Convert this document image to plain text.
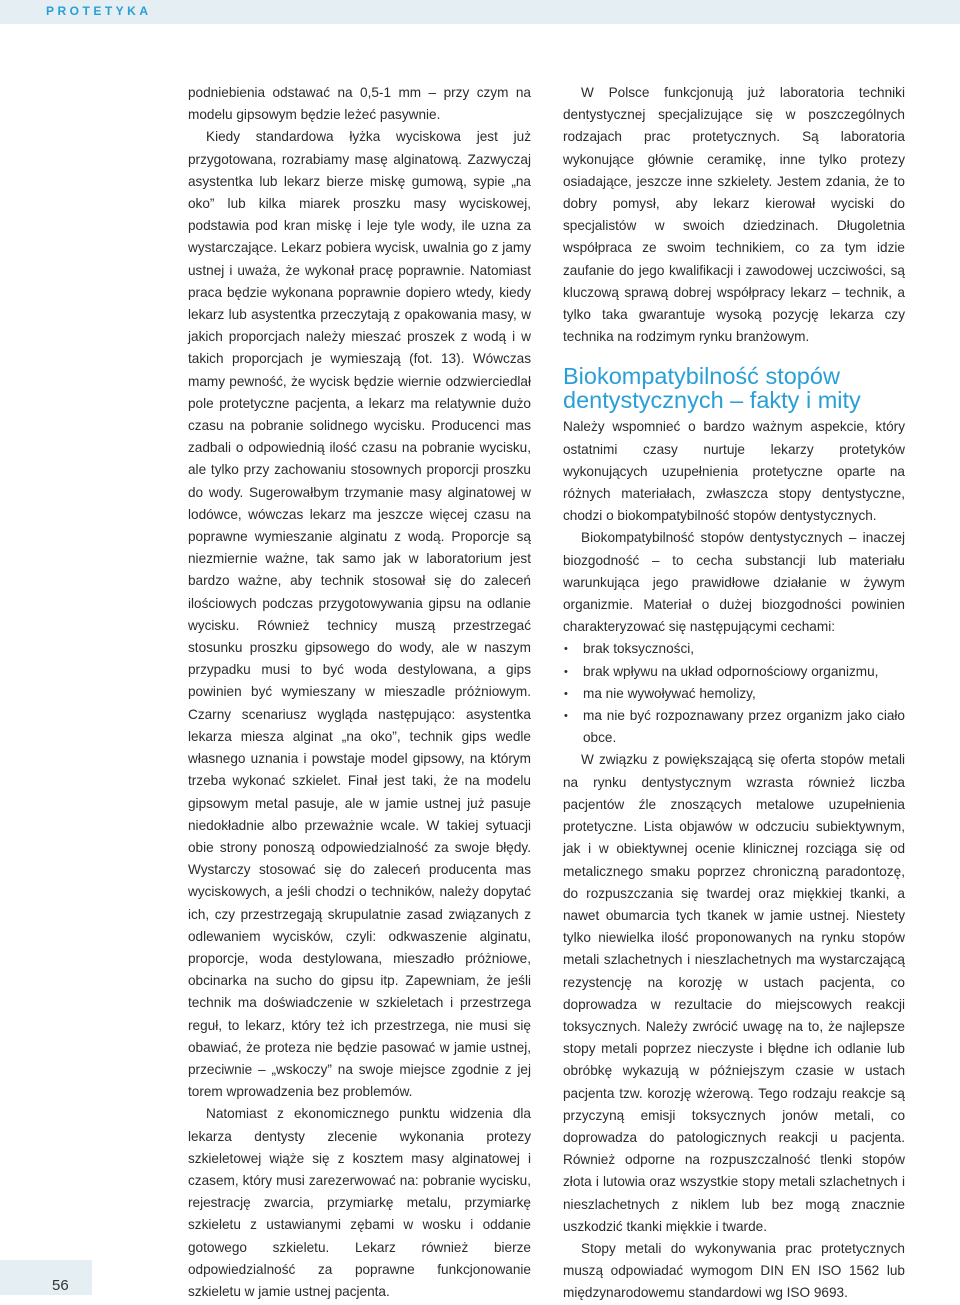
PROTETYKA

podniebienia odstawać na 0,5-1 mm – przy czym na modelu gipsowym będzie leżeć pasywnie.

Kiedy standardowa łyżka wyciskowa jest już przygotowana, rozrabiamy masę alginatową. Zazwyczaj asystentka lub lekarz bierze miskę gumową, sypie „na oko” lub kilka miarek proszku masy wyciskowej, podstawia pod kran miskę i leje tyle wody, ile uzna za wystarczające. Lekarz pobiera wycisk, uwalnia go z jamy ustnej i uważa, że wykonał pracę poprawnie. Natomiast praca będzie wykonana poprawnie dopiero wtedy, kiedy lekarz lub asystentka przeczytają z opakowania masy, w jakich proporcjach należy mieszać proszek z wodą i w takich proporcjach je wymieszają (fot. 13). Wówczas mamy pewność, że wycisk będzie wiernie odzwierciedlał pole protetyczne pacjenta, a lekarz ma relatywnie dużo czasu na pobranie solidnego wycisku. Producenci mas zadbali o odpowiednią ilość czasu na pobranie wycisku, ale tylko przy zachowaniu stosownych proporcji proszku do wody. Sugerowałbym trzymanie masy alginatowej w lodówce, wówczas lekarz ma jeszcze więcej czasu na poprawne wymieszanie alginatu z wodą. Proporcje są niezmiernie ważne, tak samo jak w laboratorium jest bardzo ważne, aby technik stosował się do zaleceń ilościowych podczas przygotowywania gipsu na odlanie wycisku. Również technicy muszą przestrzegać stosunku proszku gipsowego do wody, ale w naszym przypadku musi to być woda destylowana, a gips powinien być wymieszany w mieszadle próżniowym. Czarny scenariusz wygląda następująco: asystentka lekarza miesza alginat „na oko”, technik gips wedle własnego uznania i powstaje model gipsowy, na którym trzeba wykonać szkielet. Finał jest taki, że na modelu gipsowym metal pasuje, ale w jamie ustnej już pasuje niedokładnie albo przeważnie wcale. W takiej sytuacji obie strony ponoszą odpowiedzialność za swoje błędy. Wystarczy stosować się do zaleceń producenta mas wyciskowych, a jeśli chodzi o techników, należy dopytać ich, czy przestrzegają skrupulatnie zasad związanych z odlewaniem wycisków, czyli: odkwaszenie alginatu, proporcje, woda destylowana, mieszadło próżniowe, obcinarka na sucho do gipsu itp. Zapewniam, że jeśli technik ma doświadczenie w szkieletach i przestrzega reguł, to lekarz, który też ich przestrzega, nie musi się obawiać, że proteza nie będzie pasować w jamie ustnej, przeciwnie – „wskoczy” na swoje miejsce zgodnie z jej torem wprowadzenia bez problemów.

Natomiast z ekonomicznego punktu widzenia dla lekarza dentysty zlecenie wykonania protezy szkieletowej wiąże się z kosztem masy alginatowej i czasem, który musi zarezerwować na: pobranie wycisku, rejestrację zwarcia, przymiarkę metalu, przymiarkę szkieletu z ustawianymi zębami w wosku i oddanie gotowego szkieletu. Lekarz również bierze odpowiedzialność za poprawne funkcjonowanie szkieletu w jamie ustnej pacjenta.

W Polsce funkcjonują już laboratoria techniki dentystycznej specjalizujące się w poszczególnych rodzajach prac protetycznych. Są laboratoria wykonujące głównie ceramikę, inne tylko protezy osiadające, jeszcze inne szkielety. Jestem zdania, że to dobry pomysł, aby lekarz kierował wyciski do specjalistów w swoich dziedzinach. Długoletnia współpraca ze swoim technikiem, co za tym idzie zaufanie do jego kwalifikacji i zawodowej uczciwości, są kluczową sprawą dobrej współpracy lekarz – technik, a tylko taka gwarantuje wysoką pozycję lekarza czy technika na rodzimym rynku branżowym.

Biokompatybilność stopów
dentystycznych – fakty i mity

Należy wspomnieć o bardzo ważnym aspekcie, który ostatnimi czasy nurtuje lekarzy protetyków wykonujących uzupełnienia protetyczne oparte na różnych materiałach, zwłaszcza stopy dentystyczne, chodzi o biokompatybilność stopów dentystycznych.

Biokompatybilność stopów dentystycznych – inaczej biozgodność – to cecha substancji lub materiału warunkująca jego prawidłowe działanie w żywym organizmie. Materiał o dużej biozgodności powinien charakteryzować się następującymi cechami:

• brak toksyczności,
• brak wpływu na układ odpornościowy organizmu,
• ma nie wywoływać hemolizy,
• ma nie być rozpoznawany przez organizm jako ciało obce.

W związku z powiększającą się oferta stopów metali na rynku dentystycznym wzrasta również liczba pacjentów źle znoszących metalowe uzupełnienia protetyczne. Lista objawów w odczuciu subiektywnym, jak i w obiektywnej ocenie klinicznej rozciąga się od metalicznego smaku poprzez chroniczną paradontozę, do rozpuszczania się twardej oraz miękkiej tkanki, a nawet obumarcia tych tkanek w jamie ustnej. Niestety tylko niewielka ilość proponowanych na rynku stopów metali szlachetnych i nieszlachetnych ma wystarczającą rezystencję na korozję w ustach pacjenta, co doprowadza w rezultacie do miejscowych reakcji toksycznych. Należy zwrócić uwagę na to, że najlepsze stopy metali poprzez nieczyste i błędne ich odlanie lub obróbkę wykazują w późniejszym czasie w ustach pacjenta tzw. korozję wżerową. Tego rodzaju reakcje są przyczyną emisji toksycznych jonów metali, co doprowadza do patologicznych reakcji u pacjenta. Również odporne na rozpuszczalność tlenki stopów złota i lutowia oraz wszystkie stopy metali szlachetnych i nieszlachetnych z niklem lub bez mogą znacznie uszkodzić tkanki miękkie i twarde.

Stopy metali do wykonywania prac protetycznych muszą odpowiadać wymogom DIN EN ISO 1562 lub międzynarodowemu standardowi wg ISO 9693.

56
